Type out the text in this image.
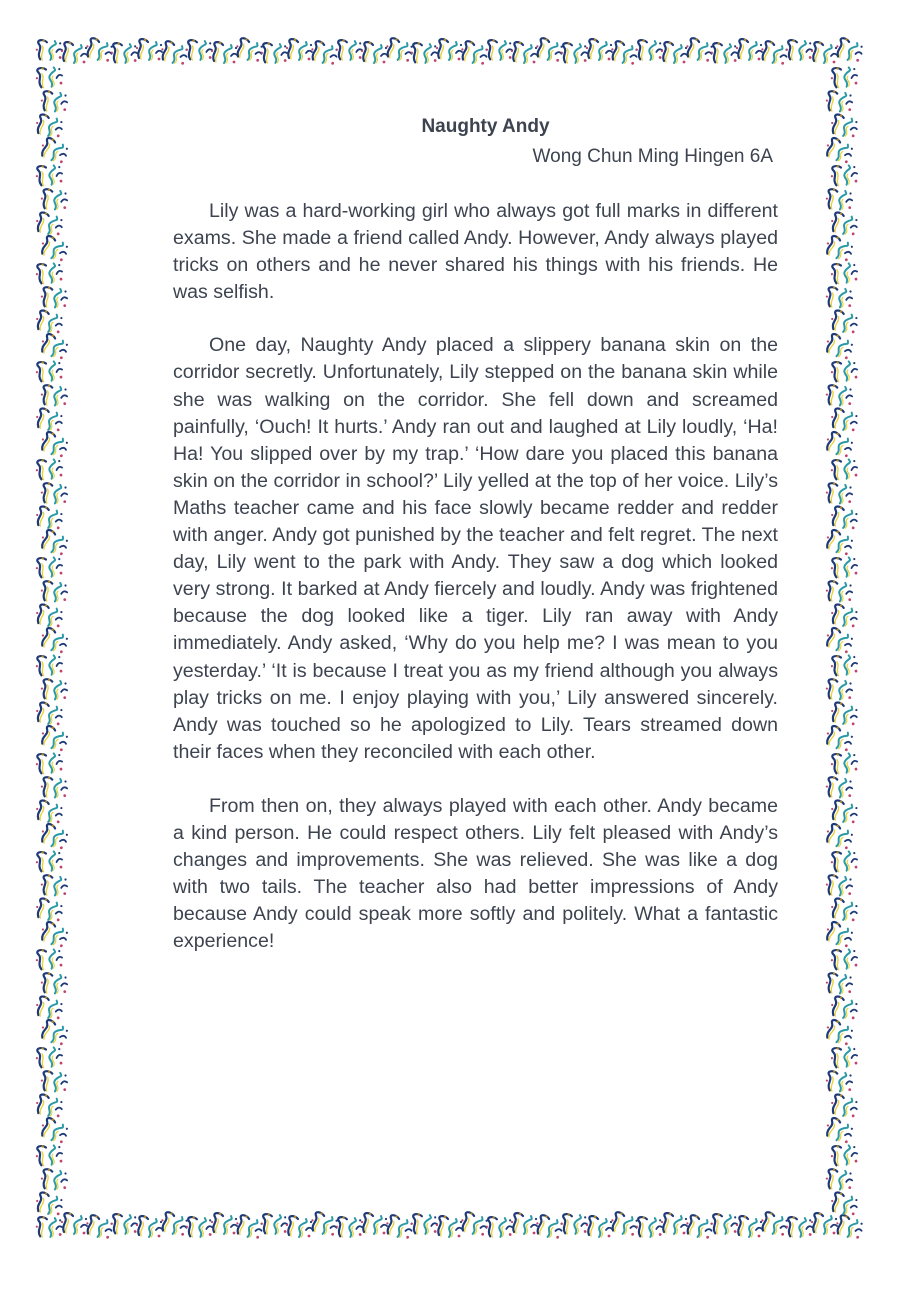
Naughty Andy
Wong Chun Ming Hingen 6A

Lily was a hard-working girl who always got full marks in different exams. She made a friend called Andy. However, Andy always played tricks on others and he never shared his things with his friends. He was selfish.

One day, Naughty Andy placed a slippery banana skin on the corridor secretly. Unfortunately, Lily stepped on the banana skin while she was walking on the corridor. She fell down and screamed painfully, ‘Ouch! It hurts.’ Andy ran out and laughed at Lily loudly, ‘Ha! Ha! You slipped over by my trap.’ ‘How dare you placed this banana skin on the corridor in school?’ Lily yelled at the top of her voice. Lily’s Maths teacher came and his face slowly became redder and redder with anger. Andy got punished by the teacher and felt regret. The next day, Lily went to the park with Andy. They saw a dog which looked very strong. It barked at Andy fiercely and loudly. Andy was frightened because the dog looked like a tiger. Lily ran away with Andy immediately. Andy asked, ‘Why do you help me? I was mean to you yesterday.’ ‘It is because I treat you as my friend although you always play tricks on me. I enjoy playing with you,’ Lily answered sincerely. Andy was touched so he apologized to Lily. Tears streamed down their faces when they reconciled with each other.

From then on, they always played with each other. Andy became a kind person. He could respect others. Lily felt pleased with Andy’s changes and improvements. She was relieved. She was like a dog with two tails. The teacher also had better impressions of Andy because Andy could speak more softly and politely. What a fantastic experience!
